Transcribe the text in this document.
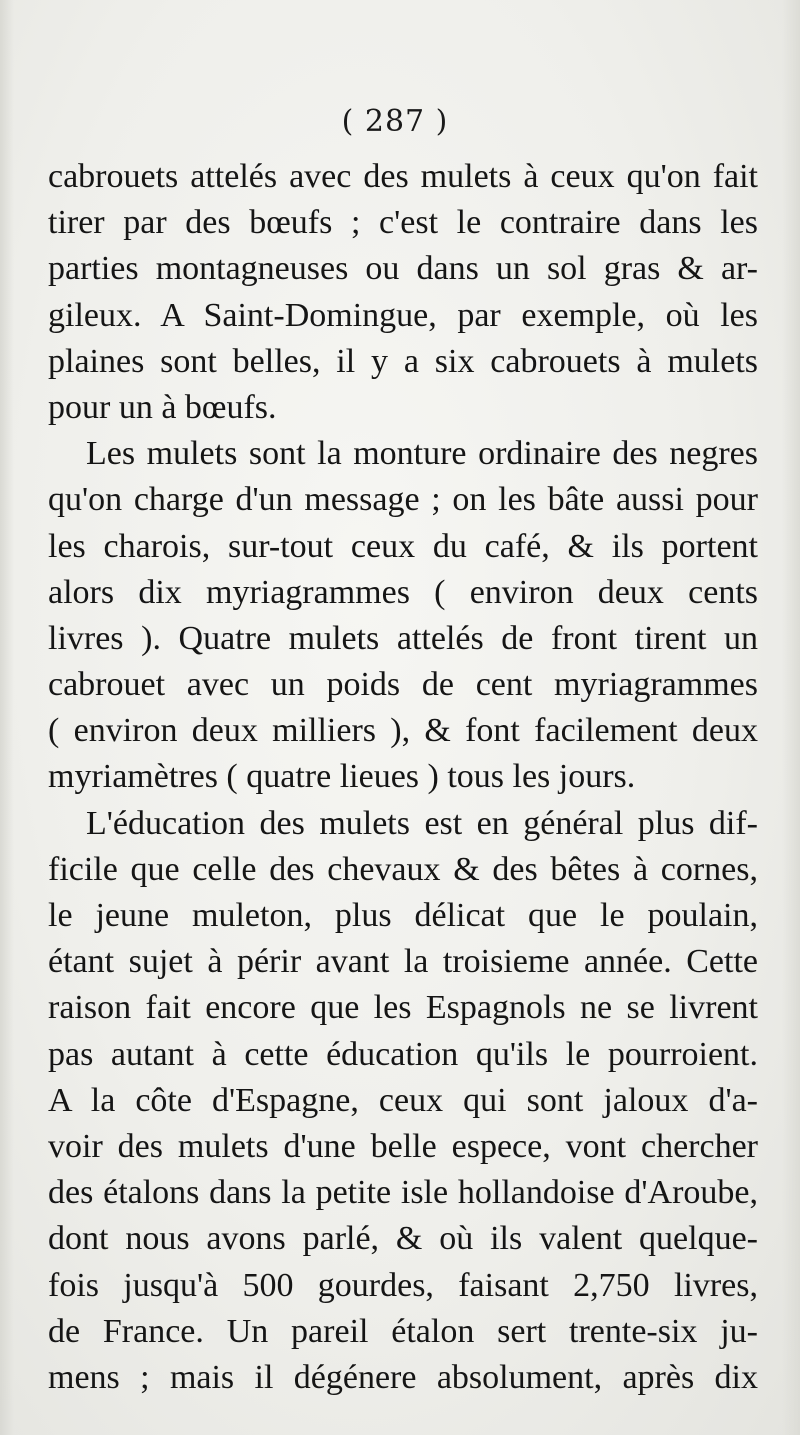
( 287 )
cabrouets attelés avec des mulets à ceux qu'on fait
tirer par des bœufs ; c'est le contraire dans les
parties montagneuses ou dans un sol gras & ar-
gileux. A Saint-Domingue, par exemple, où les
plaines sont belles, il y a six cabrouets à mulets
pour un à bœufs.
Les mulets sont la monture ordinaire des negres
qu'on charge d'un message ; on les bâte aussi pour
les charois, sur-tout ceux du café, & ils portent
alors dix myriagrammes ( environ deux cents
livres ). Quatre mulets attelés de front tirent un
cabrouet avec un poids de cent myriagrammes
( environ deux milliers ), & font facilement deux
myriamètres ( quatre lieues ) tous les jours.
L'éducation des mulets est en général plus dif-
ficile que celle des chevaux & des bêtes à cornes,
le jeune muleton, plus délicat que le poulain,
étant sujet à périr avant la troisieme année. Cette
raison fait encore que les Espagnols ne se livrent
pas autant à cette éducation qu'ils le pourroient.
A la côte d'Espagne, ceux qui sont jaloux d'a-
voir des mulets d'une belle espece, vont chercher
des étalons dans la petite isle hollandoise d'Aroube,
dont nous avons parlé, & où ils valent quelque-
fois jusqu'à 500 gourdes, faisant 2,750 livres,
de France. Un pareil étalon sert trente-six ju-
mens ; mais il dégénere absolument, après dix
